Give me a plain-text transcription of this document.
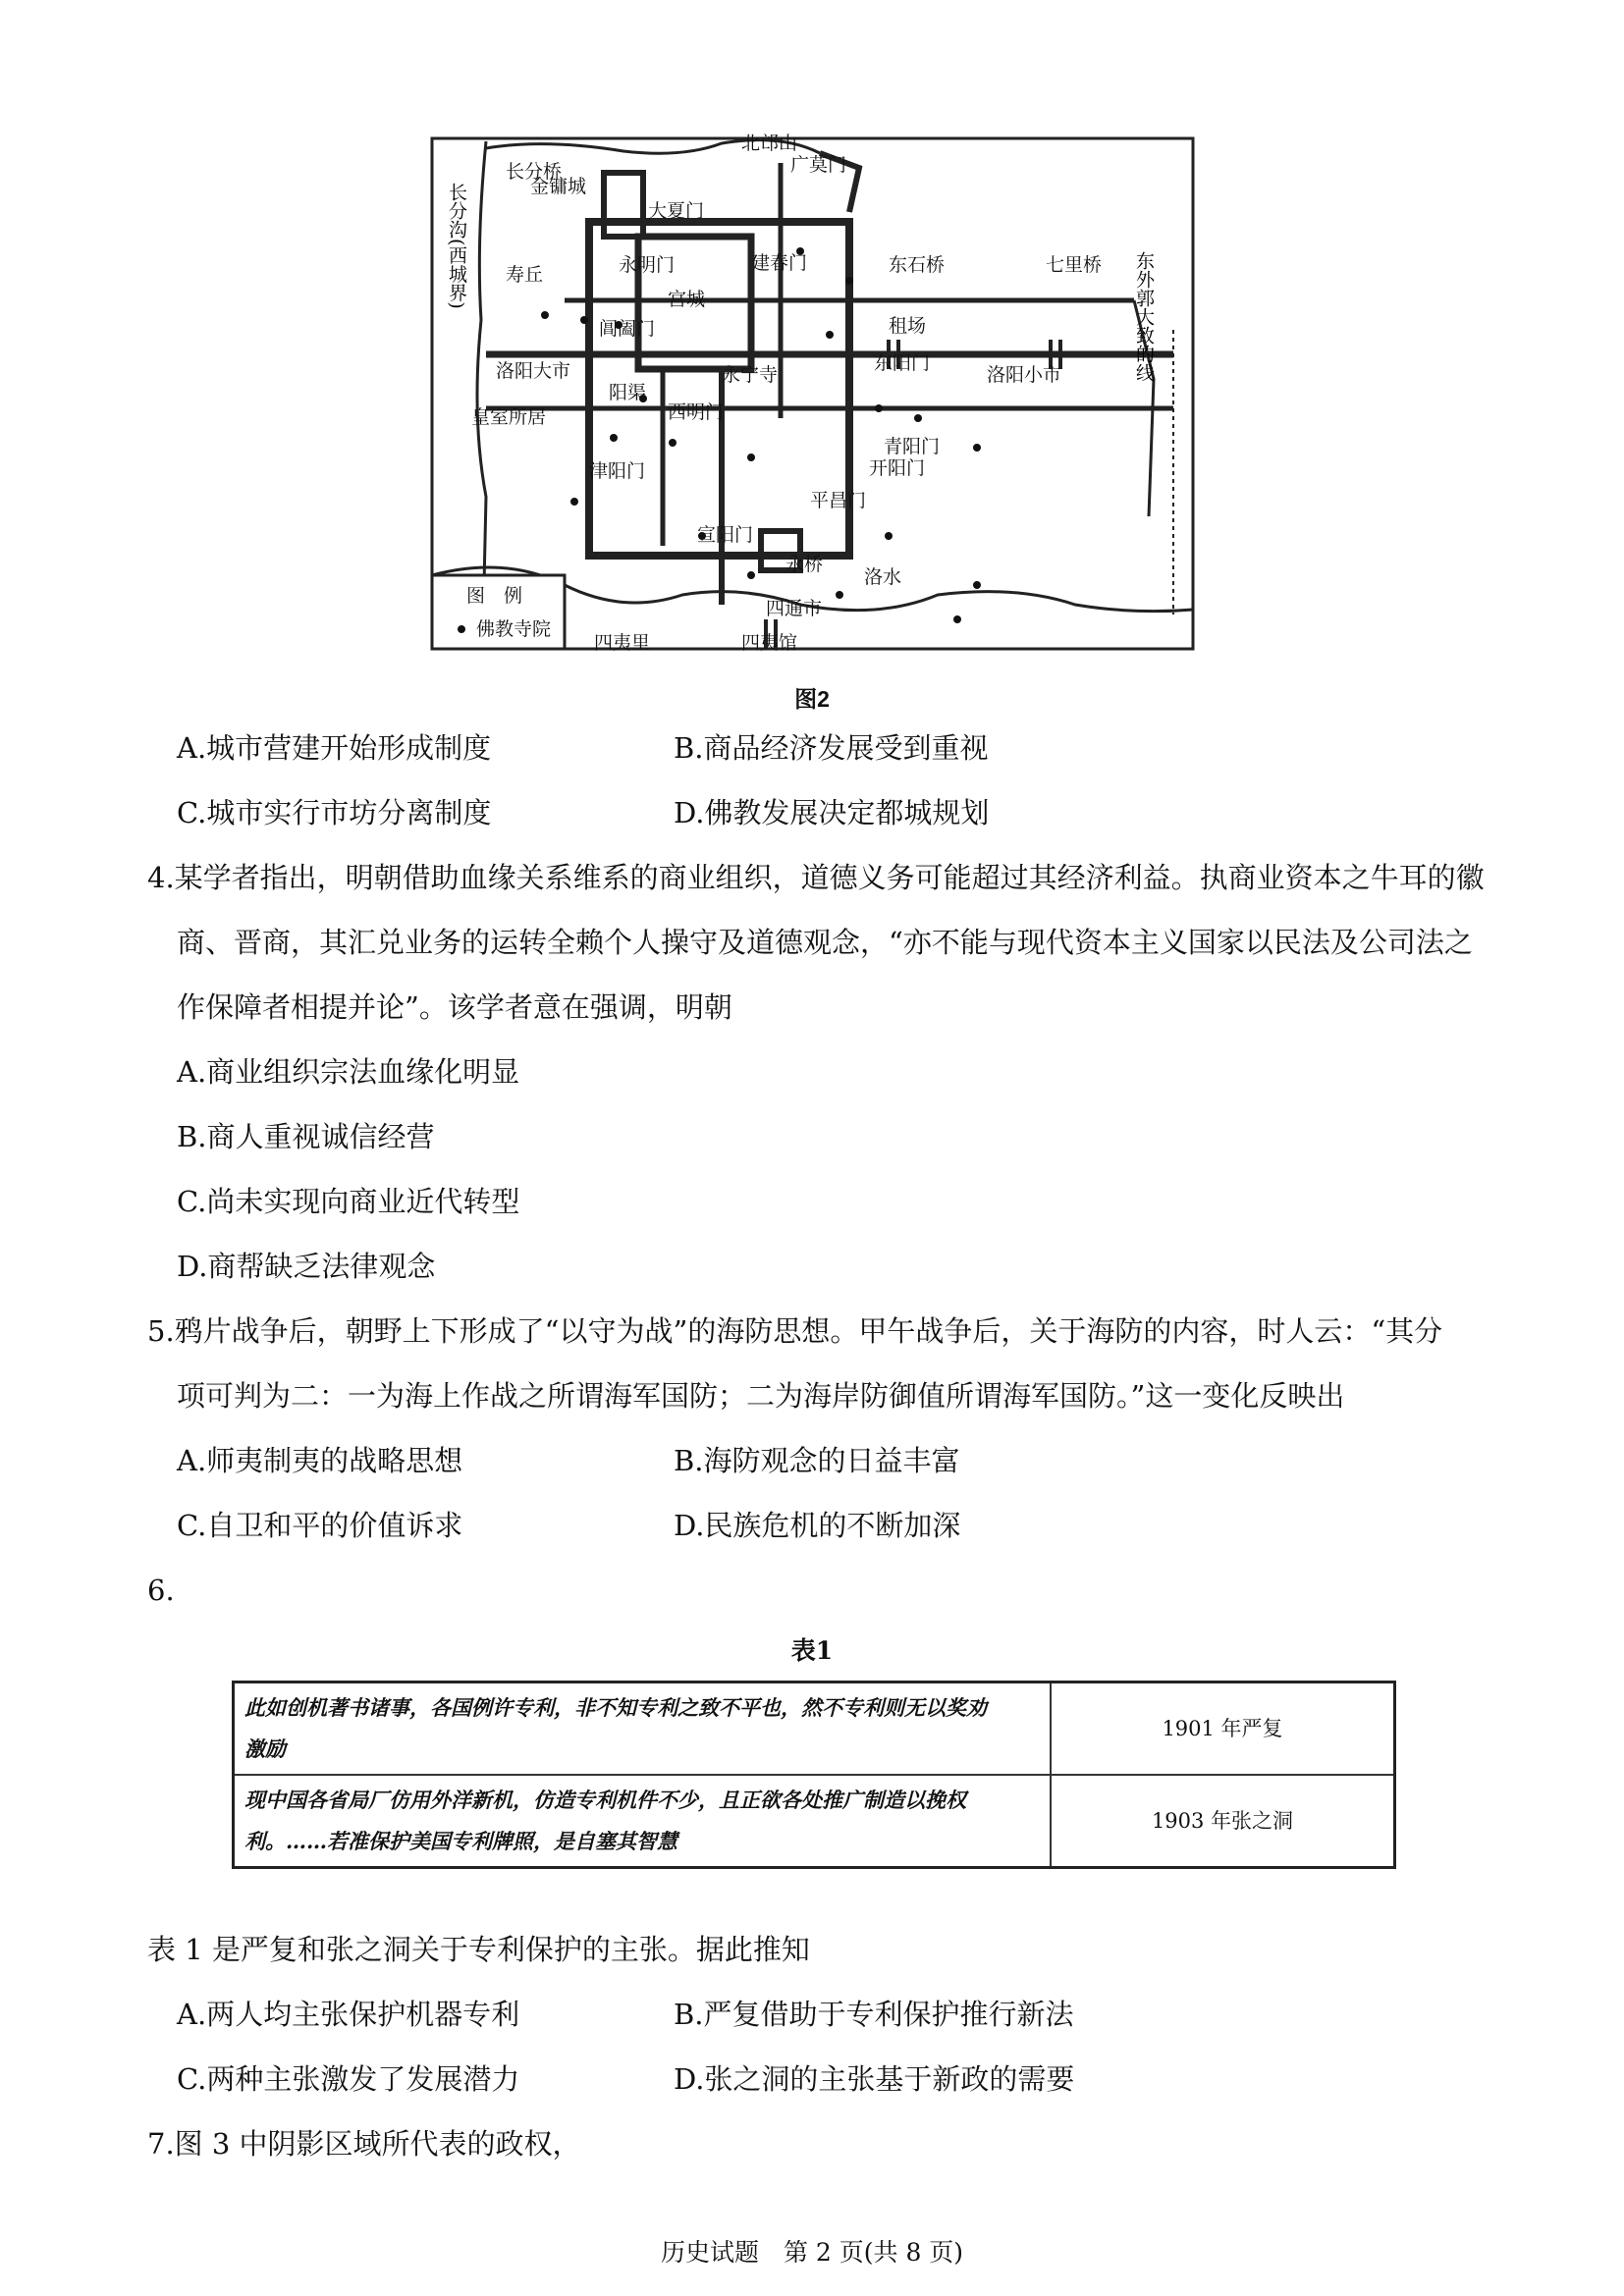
北邙山
广莫门
长分桥
金镛城
大夏门
寿丘	永明门
宫城
建春门	东石桥	七里桥
阊阖门	租场
洛阳大市	永宁寺
东阳门
洛阳小市
阳渠
皇室所居	西明门
青阳门
开阳门
津阳门
平昌门
宣阳门
永桥
洛水
四通市
四夷里	四夷馆
图　例
佛教寺院
长分沟(西城界)
东外郭大致的线
图2
A.城市营建开始形成制度	B.商品经济发展受到重视
C.城市实行市坊分离制度	D.佛教发展决定都城规划
4.某学者指出，明朝借助血缘关系维系的商业组织，道德义务可能超过其经济利益。执商业资本之牛耳的徽
商、晋商，其汇兑业务的运转全赖个人操守及道德观念，“亦不能与现代资本主义国家以民法及公司法之
作保障者相提并论”。该学者意在强调，明朝
A.商业组织宗法血缘化明显
B.商人重视诚信经营
C.尚未实现向商业近代转型
D.商帮缺乏法律观念
5.鸦片战争后，朝野上下形成了“以守为战”的海防思想。甲午战争后，关于海防的内容，时人云：“其分
项可判为二：一为海上作战之所谓海军国防；二为海岸防御值所谓海军国防。”这一变化反映出
A.师夷制夷的战略思想	B.海防观念的日益丰富
C.自卫和平的价值诉求	D.民族危机的不断加深
6.
表1
此如创机著书诸事，各国例许专利，非不知专利之致不平也，然不专利则无以奖劝
激励	1901 年严复

现中国各省局厂仿用外洋新机，仿造专利机件不少，且正欲各处推广制造以挽权
利。……若准保护美国专利牌照，是自塞其智慧	1903 年张之洞
表 1 是严复和张之洞关于专利保护的主张。据此推知
A.两人均主张保护机器专利	B.严复借助于专利保护推行新法
C.两种主张激发了发展潜力	D.张之洞的主张基于新政的需要
7.图 3 中阴影区域所代表的政权，
历史试题　第 2 页(共 8 页)
